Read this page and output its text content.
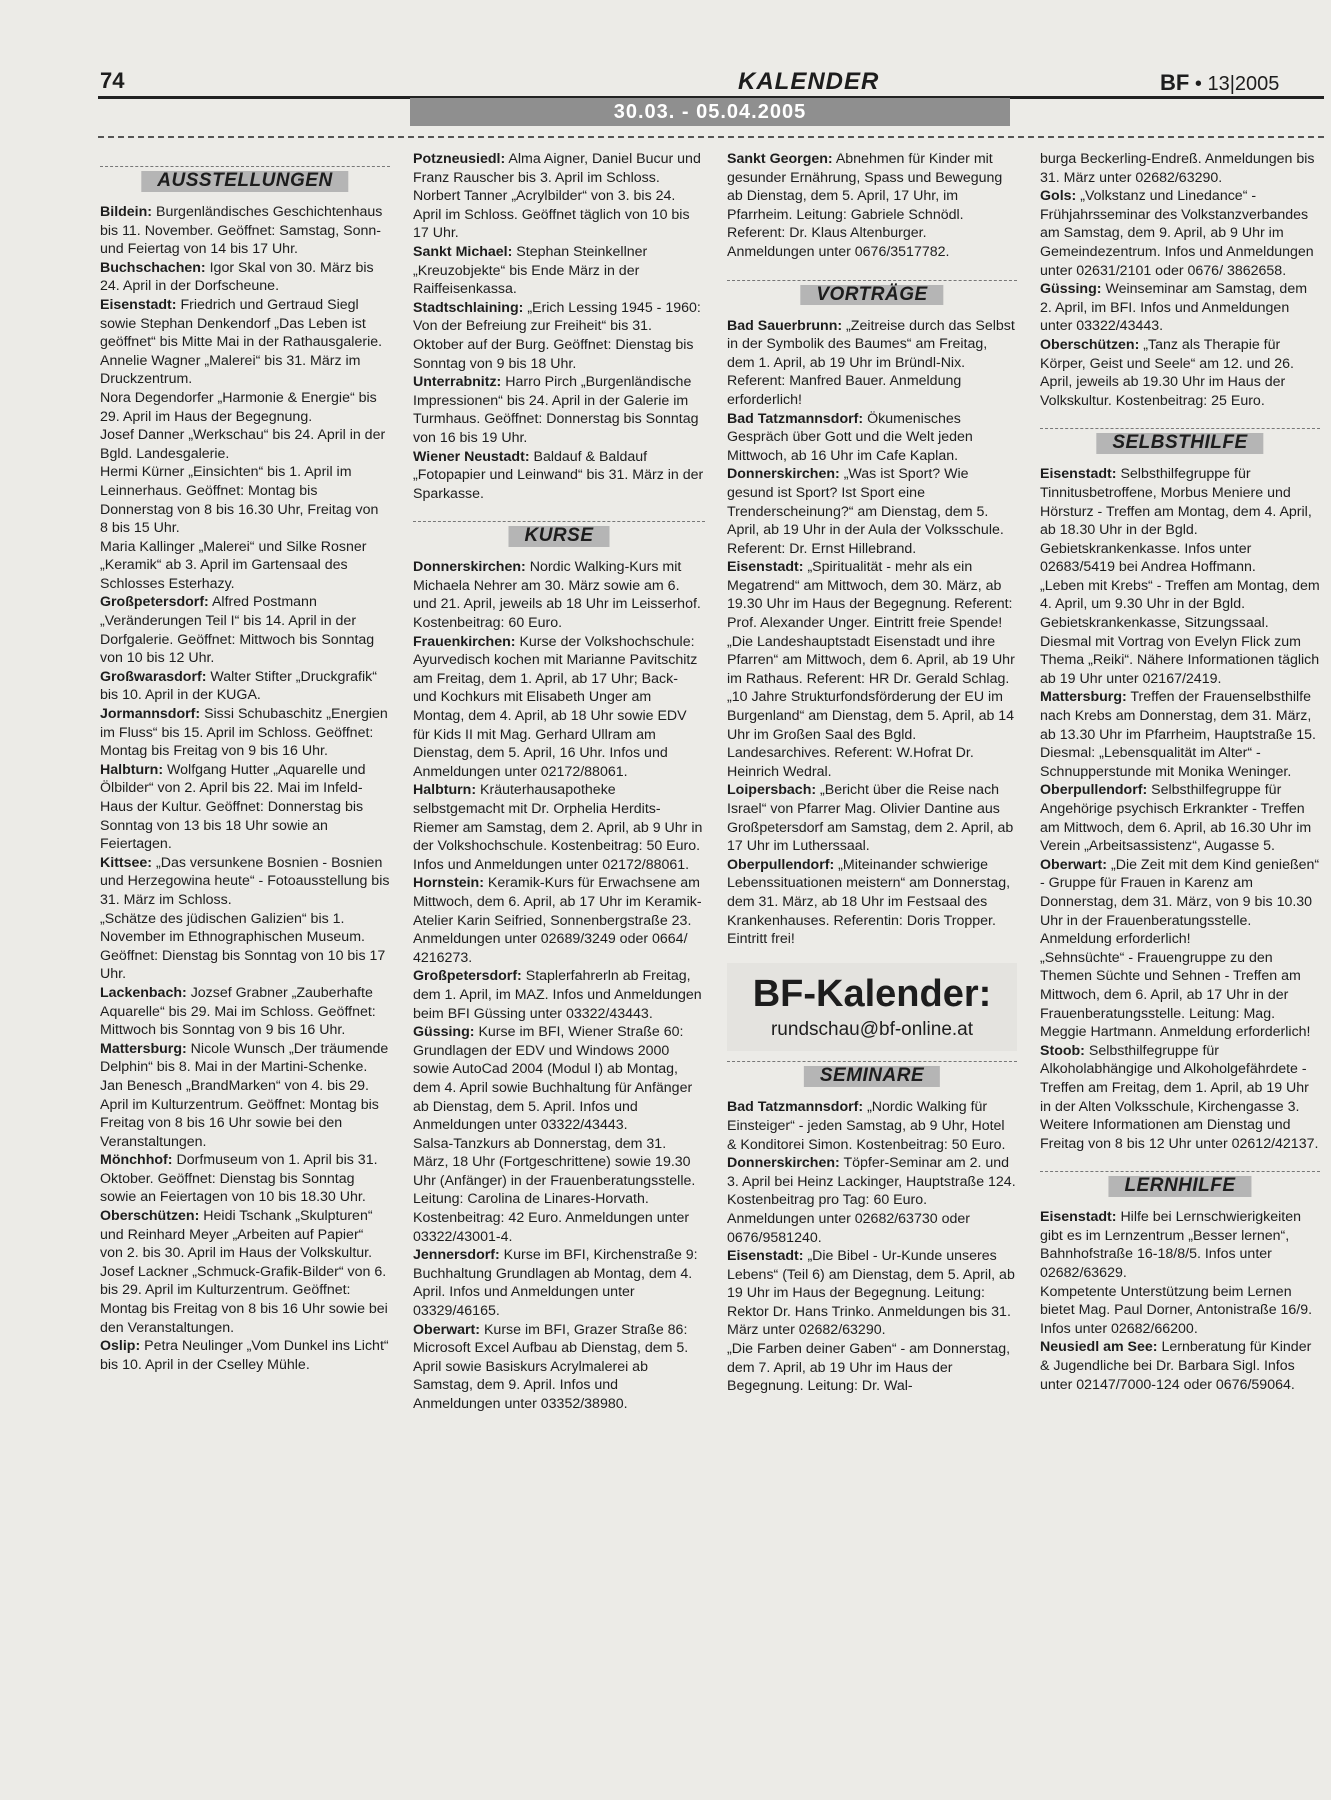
74	KALENDER	BF • 13|2005
30.03. - 05.04.2005
AUSSTELLUNGEN

Bildein: Burgenländisches Geschichtenhaus bis 11. November. Geöffnet: Samstag, Sonn- und Feiertag von 14 bis 17 Uhr.

Buchschachen: Igor Skal von 30. März bis 24. April in der Dorfscheune.

Eisenstadt: Friedrich und Gertraud Siegl sowie Stephan Denkendorf „Das Leben ist geöffnet“ bis Mitte Mai in der Rathausgalerie.

Annelie Wagner „Malerei“ bis 31. März im Druckzentrum.

Nora Degendorfer „Harmonie & Energie“ bis 29. April im Haus der Begegnung.

Josef Danner „Werkschau“ bis 24. April in der Bgld. Landesgalerie.

Hermi Kürner „Einsichten“ bis 1. April im Leinnerhaus. Geöffnet: Montag bis Donnerstag von 8 bis 16.30 Uhr, Freitag von 8 bis 15 Uhr.

Maria Kallinger „Malerei“ und Silke Rosner „Keramik“ ab 3. April im Gartensaal des Schlosses Esterhazy.

Großpetersdorf: Alfred Postmann „Veränderungen Teil I“ bis 14. April in der Dorfgalerie. Geöffnet: Mittwoch bis Sonntag von 10 bis 12 Uhr.

Großwarasdorf: Walter Stifter „Druckgrafik“ bis 10. April in der KUGA.

Jormannsdorf: Sissi Schubaschitz „Energien im Fluss“ bis 15. April im Schloss. Geöffnet: Montag bis Freitag von 9 bis 16 Uhr.

Halbturn: Wolfgang Hutter „Aquarelle und Ölbilder“ von 2. April bis 22. Mai im Infeld-Haus der Kultur. Geöffnet: Donnerstag bis Sonntag von 13 bis 18 Uhr sowie an Feiertagen.

Kittsee: „Das versunkene Bosnien - Bosnien und Herzegowina heute“ - Fotoausstellung bis 31. März im Schloss.

„Schätze des jüdischen Galizien“ bis 1. November im Ethnographischen Museum. Geöffnet: Dienstag bis Sonntag von 10 bis 17 Uhr.

Lackenbach: Jozsef Grabner „Zauberhafte Aquarelle“ bis 29. Mai im Schloss. Geöffnet: Mittwoch bis Sonntag von 9 bis 16 Uhr.

Mattersburg: Nicole Wunsch „Der träumende Delphin“ bis 8. Mai in der Martini-Schenke.

Jan Benesch „BrandMarken“ von 4. bis 29. April im Kulturzentrum. Geöffnet: Montag bis Freitag von 8 bis 16 Uhr sowie bei den Veranstaltungen.

Mönchhof: Dorfmuseum von 1. April bis 31. Oktober. Geöffnet: Dienstag bis Sonntag sowie an Feiertagen von 10 bis 18.30 Uhr.

Oberschützen: Heidi Tschank „Skulpturen“ und Reinhard Meyer „Arbeiten auf Papier“ von 2. bis 30. April im Haus der Volkskultur.

Josef Lackner „Schmuck-Grafik-Bilder“ von 6. bis 29. April im Kulturzentrum. Geöffnet: Montag bis Freitag von 8 bis 16 Uhr sowie bei den Veranstaltungen.

Oslip: Petra Neulinger „Vom Dunkel ins Licht“ bis 10. April in der Cselley Mühle.

Potzneusiedl: Alma Aigner, Daniel Bucur und Franz Rauscher bis 3. April im Schloss.

Norbert Tanner „Acrylbilder“ von 3. bis 24. April im Schloss. Geöffnet täglich von 10 bis 17 Uhr.

Sankt Michael: Stephan Steinkellner „Kreuzobjekte“ bis Ende März in der Raiffeisenkassa.

Stadtschlaining: „Erich Lessing 1945 - 1960: Von der Befreiung zur Freiheit“ bis 31. Oktober auf der Burg. Geöffnet: Dienstag bis Sonntag von 9 bis 18 Uhr.

Unterrabnitz: Harro Pirch „Burgenländische Impressionen“ bis 24. April in der Galerie im Turmhaus. Geöffnet: Donnerstag bis Sonntag von 16 bis 19 Uhr.

Wiener Neustadt: Baldauf & Baldauf „Fotopapier und Leinwand“ bis 31. März in der Sparkasse.

KURSE

Donnerskirchen: Nordic Walking-Kurs mit Michaela Nehrer am 30. März sowie am 6. und 21. April, jeweils ab 18 Uhr im Leisserhof. Kostenbeitrag: 60 Euro.

Frauenkirchen: Kurse der Volkshochschule: Ayurvedisch kochen mit Marianne Pavitschitz am Freitag, dem 1. April, ab 17 Uhr; Back- und Kochkurs mit Elisabeth Unger am Montag, dem 4. April, ab 18 Uhr sowie EDV für Kids II mit Mag. Gerhard Ullram am Dienstag, dem 5. April, 16 Uhr. Infos und Anmeldungen unter 02172/88061.

Halbturn: Kräuterhausapotheke selbstgemacht mit Dr. Orphelia Herdits-Riemer am Samstag, dem 2. April, ab 9 Uhr in der Volkshochschule. Kostenbeitrag: 50 Euro. Infos und Anmeldungen unter 02172/88061.

Hornstein: Keramik-Kurs für Erwachsene am Mittwoch, dem 6. April, ab 17 Uhr im Keramik-Atelier Karin Seifried, Sonnenbergstraße 23. Anmeldungen unter 02689/3249 oder 0664/ 4216273.

Großpetersdorf: Staplerfahrerln ab Freitag, dem 1. April, im MAZ. Infos und Anmeldungen beim BFI Güssing unter 03322/43443.

Güssing: Kurse im BFI, Wiener Straße 60: Grundlagen der EDV und Windows 2000 sowie AutoCad 2004 (Modul I) ab Montag, dem 4. April sowie Buchhaltung für Anfänger ab Dienstag, dem 5. April. Infos und Anmeldungen unter 03322/43443.

Salsa-Tanzkurs ab Donnerstag, dem 31. März, 18 Uhr (Fortgeschrittene) sowie 19.30 Uhr (Anfänger) in der Frauenberatungsstelle. Leitung: Carolina de Linares-Horvath. Kostenbeitrag: 42 Euro. Anmeldungen unter 03322/43001-4.

Jennersdorf: Kurse im BFI, Kirchenstraße 9: Buchhaltung Grundlagen ab Montag, dem 4. April. Infos und Anmeldungen unter 03329/46165.

Oberwart: Kurse im BFI, Grazer Straße 86: Microsoft Excel Aufbau ab Dienstag, dem 5. April sowie Basiskurs Acrylmalerei ab Samstag, dem 9. April. Infos und Anmeldungen unter 03352/38980.

Sankt Georgen: Abnehmen für Kinder mit gesunder Ernährung, Spass und Bewegung ab Dienstag, dem 5. April, 17 Uhr, im Pfarrheim. Leitung: Gabriele Schnödl. Referent: Dr. Klaus Altenburger. Anmeldungen unter 0676/3517782.

VORTRÄGE

Bad Sauerbrunn: „Zeitreise durch das Selbst in der Symbolik des Baumes“ am Freitag, dem 1. April, ab 19 Uhr im Bründl-Nix. Referent: Manfred Bauer. Anmeldung erforderlich!

Bad Tatzmannsdorf: Ökumenisches Gespräch über Gott und die Welt jeden Mittwoch, ab 16 Uhr im Cafe Kaplan.

Donnerskirchen: „Was ist Sport? Wie gesund ist Sport? Ist Sport eine Trenderscheinung?“ am Dienstag, dem 5. April, ab 19 Uhr in der Aula der Volksschule. Referent: Dr. Ernst Hillebrand.

Eisenstadt: „Spiritualität - mehr als ein Megatrend“ am Mittwoch, dem 30. März, ab 19.30 Uhr im Haus der Begegnung. Referent: Prof. Alexander Unger. Eintritt freie Spende!

„Die Landeshauptstadt Eisenstadt und ihre Pfarren“ am Mittwoch, dem 6. April, ab 19 Uhr im Rathaus. Referent: HR Dr. Gerald Schlag.

„10 Jahre Strukturfondsförderung der EU im Burgenland“ am Dienstag, dem 5. April, ab 14 Uhr im Großen Saal des Bgld. Landesarchives. Referent: W.Hofrat Dr. Heinrich Wedral.

Loipersbach: „Bericht über die Reise nach Israel“ von Pfarrer Mag. Olivier Dantine aus Großpetersdorf am Samstag, dem 2. April, ab 17 Uhr im Lutherssaal.

Oberpullendorf: „Miteinander schwierige Lebenssituationen meistern“ am Donnerstag, dem 31. März, ab 18 Uhr im Festsaal des Krankenhauses. Referentin: Doris Tropper. Eintritt frei!

BF-Kalender:
rundschau@bf-online.at
SEMINARE

Bad Tatzmannsdorf: „Nordic Walking für Einsteiger“ - jeden Samstag, ab 9 Uhr, Hotel & Konditorei Simon. Kostenbeitrag: 50 Euro.

Donnerskirchen: Töpfer-Seminar am 2. und 3. April bei Heinz Lackinger, Hauptstraße 124. Kostenbeitrag pro Tag: 60 Euro. Anmeldungen unter 02682/63730 oder 0676/9581240.

Eisenstadt: „Die Bibel - Ur-Kunde unseres Lebens“ (Teil 6) am Dienstag, dem 5. April, ab 19 Uhr im Haus der Begegnung. Leitung: Rektor Dr. Hans Trinko. Anmeldungen bis 31. März unter 02682/63290.

„Die Farben deiner Gaben“ - am Donnerstag, dem 7. April, ab 19 Uhr im Haus der Begegnung. Leitung: Dr. Wal-

burga Beckerling-Endreß. Anmeldungen bis 31. März unter 02682/63290.

Gols: „Volkstanz und Linedance“ - Frühjahrsseminar des Volkstanzverbandes am Samstag, dem 9. April, ab 9 Uhr im Gemeindezentrum. Infos und Anmeldungen unter 02631/2101 oder 0676/ 3862658.

Güssing: Weinseminar am Samstag, dem 2. April, im BFI. Infos und Anmeldungen unter 03322/43443.

Oberschützen: „Tanz als Therapie für Körper, Geist und Seele“ am 12. und 26. April, jeweils ab 19.30 Uhr im Haus der Volkskultur. Kostenbeitrag: 25 Euro.

SELBSTHILFE

Eisenstadt: Selbsthilfegruppe für Tinnitusbetroffene, Morbus Meniere und Hörsturz - Treffen am Montag, dem 4. April, ab 18.30 Uhr in der Bgld. Gebietskrankenkasse. Infos unter 02683/5419 bei Andrea Hoffmann.

„Leben mit Krebs“ - Treffen am Montag, dem 4. April, um 9.30 Uhr in der Bgld. Gebietskrankenkasse, Sitzungssaal. Diesmal mit Vortrag von Evelyn Flick zum Thema „Reiki“. Nähere Informationen täglich ab 19 Uhr unter 02167/2419.

Mattersburg: Treffen der Frauenselbsthilfe nach Krebs am Donnerstag, dem 31. März, ab 13.30 Uhr im Pfarrheim, Hauptstraße 15. Diesmal: „Lebensqualität im Alter“ - Schnupperstunde mit Monika Weninger.

Oberpullendorf: Selbsthilfegruppe für Angehörige psychisch Erkrankter - Treffen am Mittwoch, dem 6. April, ab 16.30 Uhr im Verein „Arbeitsassistenz“, Augasse 5.

Oberwart: „Die Zeit mit dem Kind genießen“ - Gruppe für Frauen in Karenz am Donnerstag, dem 31. März, von 9 bis 10.30 Uhr in der Frauenberatungsstelle. Anmeldung erforderlich!

„Sehnsüchte“ - Frauengruppe zu den Themen Süchte und Sehnen - Treffen am Mittwoch, dem 6. April, ab 17 Uhr in der Frauenberatungsstelle. Leitung: Mag. Meggie Hartmann. Anmeldung erforderlich!

Stoob: Selbsthilfegruppe für Alkoholabhängige und Alkoholgefährdete - Treffen am Freitag, dem 1. April, ab 19 Uhr in der Alten Volksschule, Kirchengasse 3. Weitere Informationen am Dienstag und Freitag von 8 bis 12 Uhr unter 02612/42137.

LERNHILFE

Eisenstadt: Hilfe bei Lernschwierigkeiten gibt es im Lernzentrum „Besser lernen“, Bahnhofstraße 16-18/8/5. Infos unter 02682/63629.

Kompetente Unterstützung beim Lernen bietet Mag. Paul Dorner, Antonistraße 16/9. Infos unter 02682/66200.

Neusiedl am See: Lernberatung für Kinder & Jugendliche bei Dr. Barbara Sigl. Infos unter 02147/7000-124 oder 0676/59064.
